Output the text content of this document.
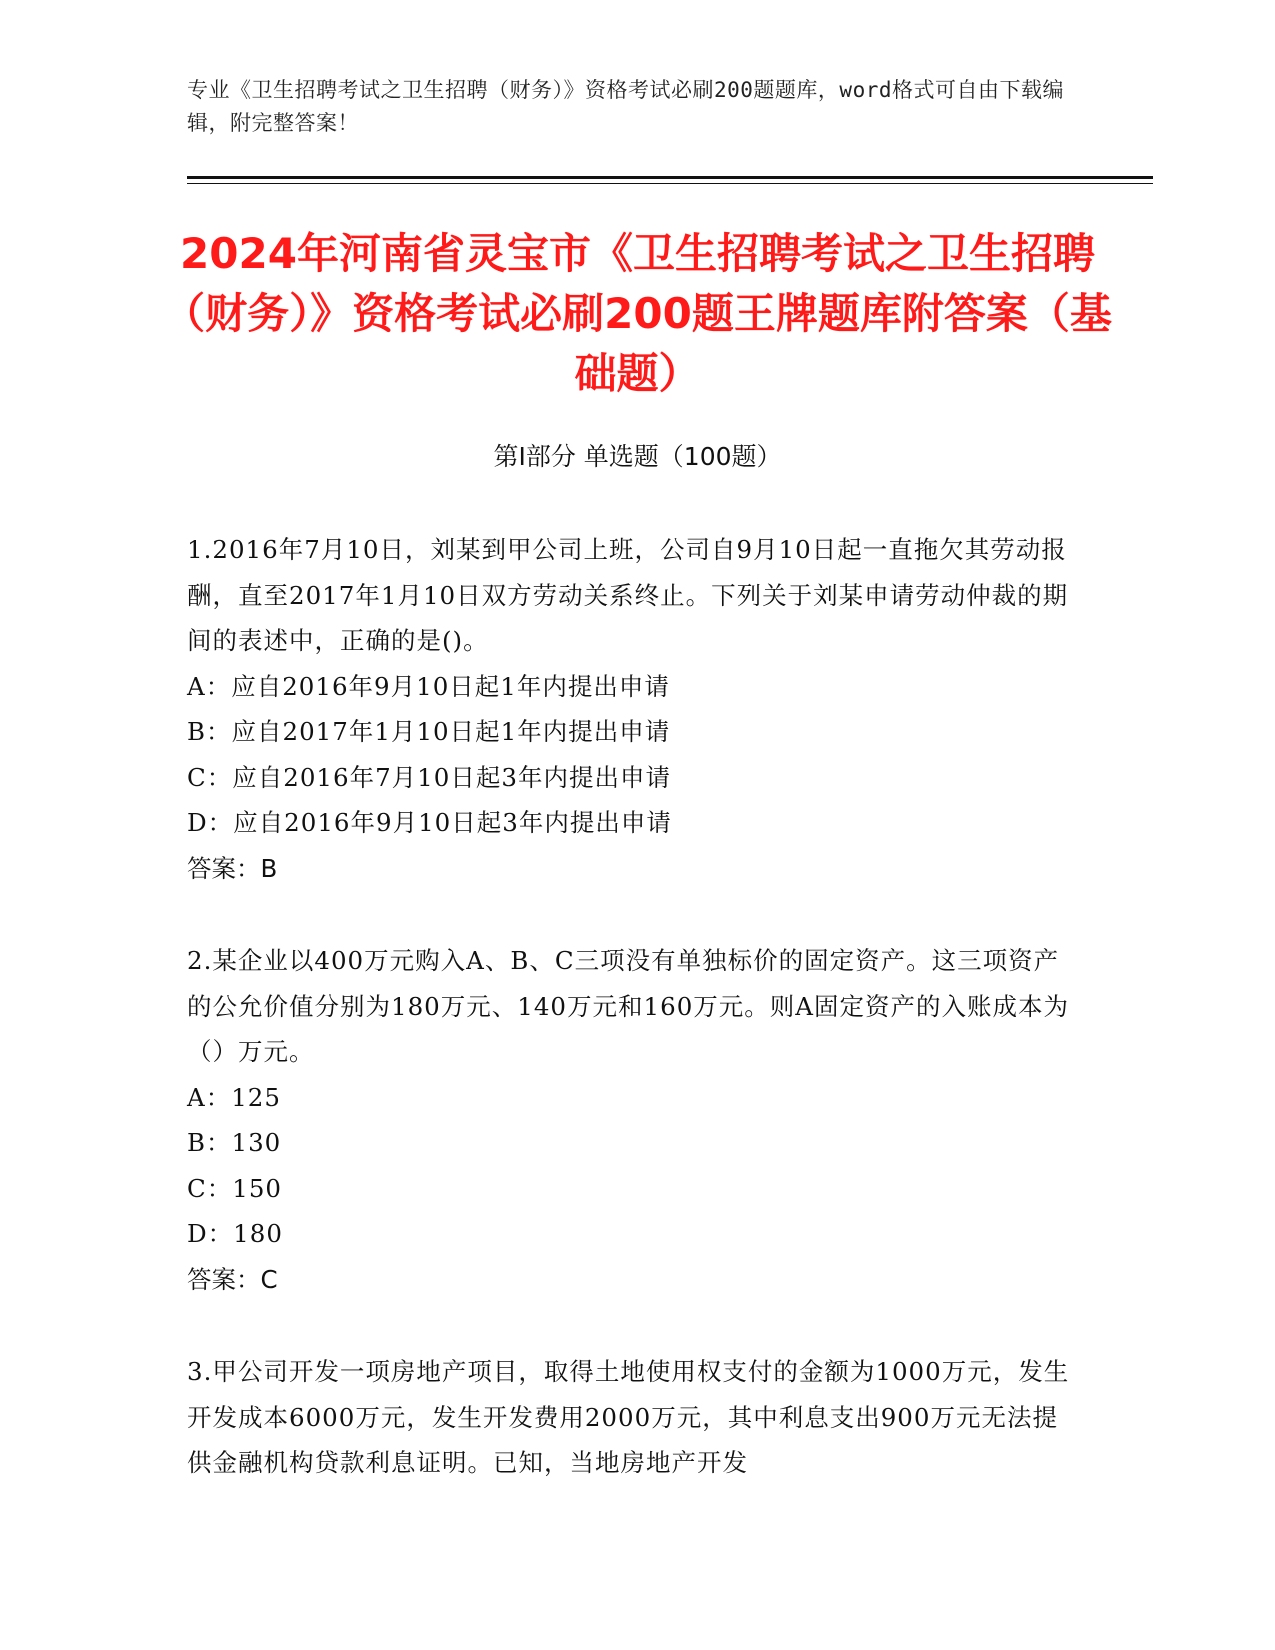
专业《卫生招聘考试之卫生招聘（财务）》资格考试必刷200题题库，word格式可自由下载编辑，附完整答案！
2024年河南省灵宝市《卫生招聘考试之卫生招聘（财务）》资格考试必刷200题王牌题库附答案（基础题）
第Ⅰ部分 单选题（100题）
1.2016年7月10日，刘某到甲公司上班，公司自9月10日起一直拖欠其劳动报酬，直至2017年1月10日双方劳动关系终止。下列关于刘某申请劳动仲裁的期间的表述中，正确的是()。
A：应自2016年9月10日起1年内提出申请
B：应自2017年1月10日起1年内提出申请
C：应自2016年7月10日起3年内提出申请
D：应自2016年9月10日起3年内提出申请
答案：B
2.某企业以400万元购入A、B、C三项没有单独标价的固定资产。这三项资产的公允价值分别为180万元、140万元和160万元。则A固定资产的入账成本为（）万元。
A：125
B：130
C：150
D：180
答案：C
3.甲公司开发一项房地产项目，取得土地使用权支付的金额为1000万元，发生开发成本6000万元，发生开发费用2000万元，其中利息支出900万元无法提供金融机构贷款利息证明。已知，当地房地产开发
